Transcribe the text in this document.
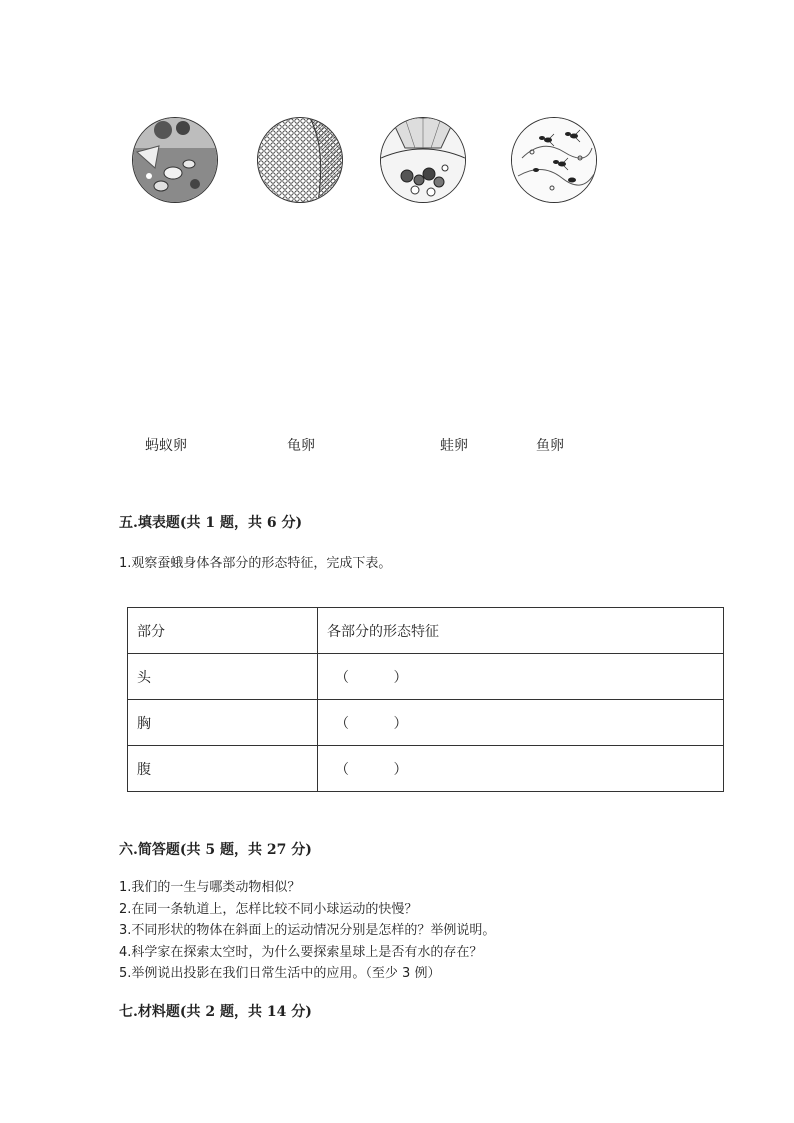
蚂蚁卵	龟卵	蛙卵	鱼卵
五.填表题(共 1 题，共 6 分)
1.观察蚕蛾身体各部分的形态特征，完成下表。
部分	各部分的形态特征
头	（          ）
胸	（          ）
腹	（          ）
六.简答题(共 5 题，共 27 分)
1.我们的一生与哪类动物相似？
2.在同一条轨道上，怎样比较不同小球运动的快慢？
3.不同形状的物体在斜面上的运动情况分别是怎样的？举例说明。
4.科学家在探索太空时，为什么要探索星球上是否有水的存在？
5.举例说出投影在我们日常生活中的应用。（至少 3 例）
七.材料题(共 2 题，共 14 分)
